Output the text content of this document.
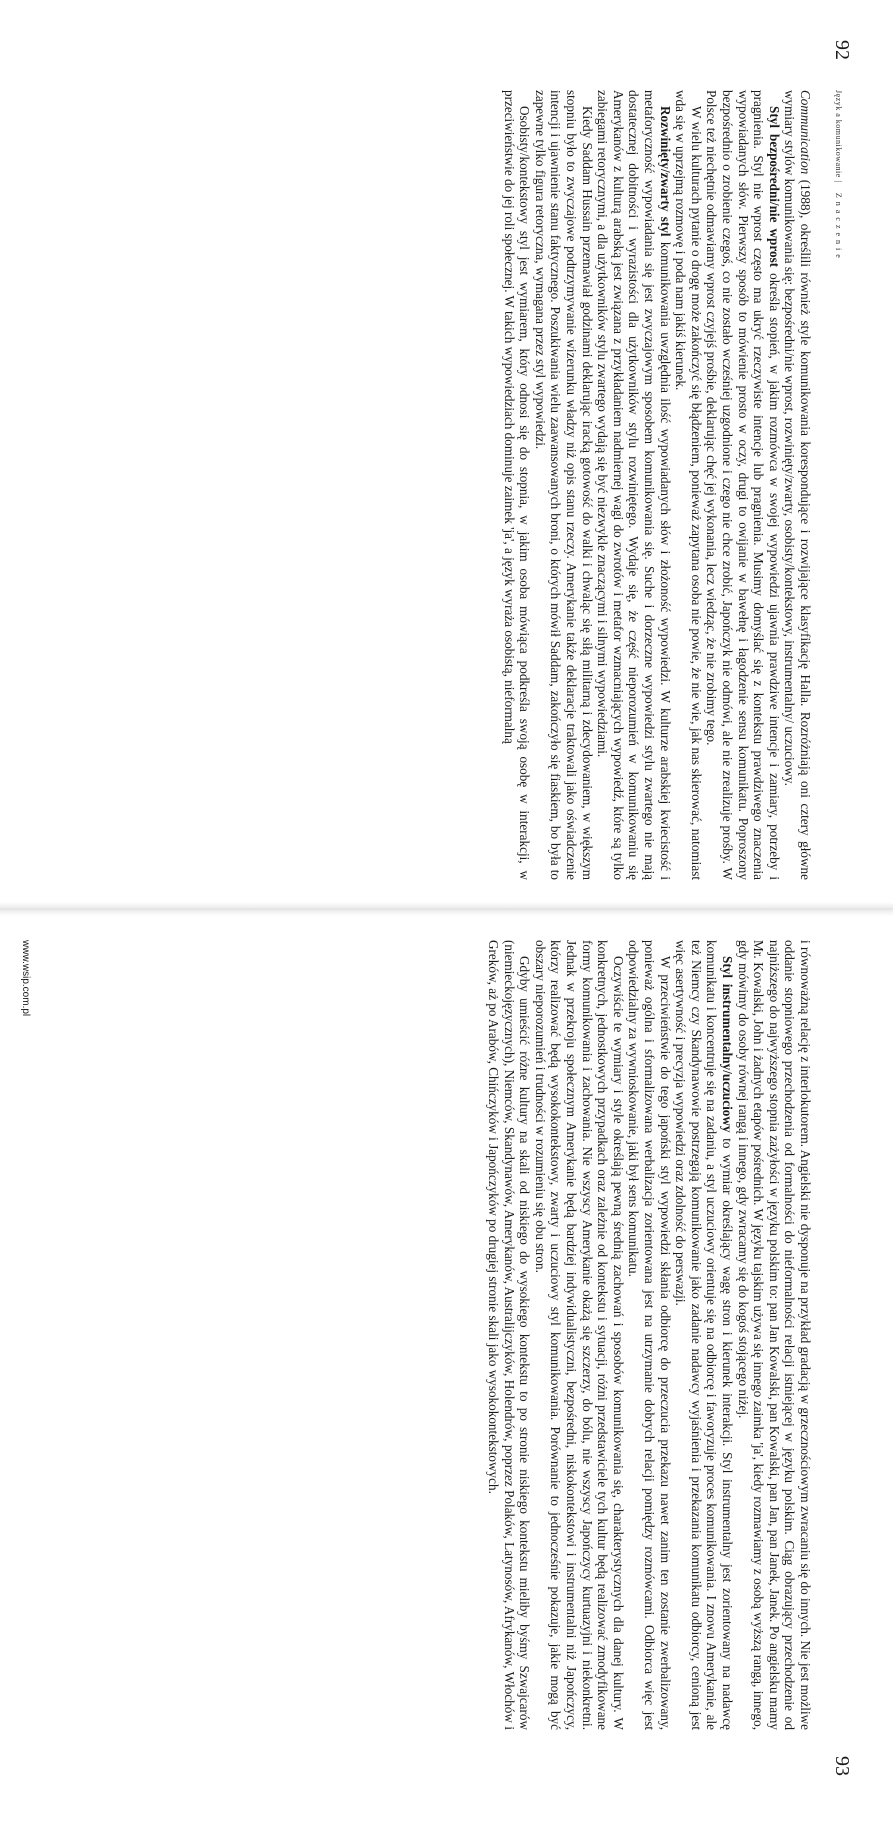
92
Język a komunikowanie | Znaczenie

Communication (1988), określili również style komunikowania korespondujące i rozwijające klasyfikację Halla. Rozróżniają oni cztery główne wymiary stylów komunikowania się: bezpośredni/nie wprost, rozwinięty/zwarty, osobisty/kontekstowy, instrumentalny/ uczuciowy.

Styl bezpośredni/nie wprost określa stopień, w jakim rozmówca w swojej wypowiedzi ujawnia prawdziwe intencje i zamiary, potrzeby i pragnienia. Styl nie wprost często ma ukryć rzeczywiste intencje lub pragnienia. Musimy domyślać się z kontekstu prawdziwego znaczenia wypowiadanych słów. Pierwszy sposób to mówienie prosto w oczy, drugi to owijanie w bawełnę i łagodzenie sensu komunikatu. Poproszony bezpośrednio o zrobienie czegoś, co nie zostało wcześniej uzgodnione i czego nie chce zrobić, Japończyk nie odmówi, ale nie zrealizuje prośby. W Polsce też niechętnie odmawiamy wprost czyjejś prośbie, deklarując chęć jej wykonania, lecz wiedząc, że nie zrobimy tego.

W wielu kulturach pytanie o drogę może zakończyć się błądzeniem, ponieważ zapytana osoba nie powie, że nie wie, jak nas skierować, natomiast wda się w uprzejmą rozmowę i poda nam jakiś kierunek.

Rozwinięty/zwarty styl komunikowania uwzględnia ilość wypowiadanych słów i złożoność wypowiedzi. W kulturze arabskiej kwiecistość i metaforyczność wypowiadania się jest zwyczajowym sposobem komunikowania się. Suche i dorzeczne wypowiedzi stylu zwartego nie mają dostatecznej dobitności i wyrazistości dla użytkowników stylu rozwiniętego. Wydaje się, że część nieporozumień w komunikowaniu się Amerykanów z kulturą arabską jest związana z przykładaniem nadmiernej wagi do zwrotów i metafor wzmacniających wypowiedź, które są tylko zabiegami retorycznymi, a dla użytkowników stylu zwartego wydają się być niezwykle znaczącymi i silnymi wypowiedziami.

Kiedy Saddam Hussain przemawiał godzinami deklarując iracką gotowość do walki i chwaląc się siłą militarną i zdecydowaniem, w większym stopniu było to zwyczajowe podtrzymywanie wizerunku władzy niż opis stanu rzeczy. Amerykanie także deklaracje traktowali jako oświadczenie intencji i ujawnienie stanu faktycznego. Poszukiwania wielu zaawansowanych broni, o których mówił Saddam, zakończyło się fiaskiem, bo była to zapewne tylko figura retoryczna, wymagana przez styl wypowiedzi.

Osobisty/kontekstowy styl jest wymiarem, który odnosi się do stopnia, w jakim osoba mówiąca podkreśla swoją osobę w interakcji, w przeciwieństwie do jej roli społecznej. W takich wypowiedziach dominuje zaimek 'ja', a język wyraża osobistą, nieformalną

93

i równoważną relację z interlokutorem. Angielski nie dysponuje na przykład gradacją w grzecznościowym zwracaniu się do innych. Nie jest możliwe oddanie stopniowego przechodzenia od formalności do nieformalności relacji istniejącej w języku polskim. Ciąg obrazujący przechodzenie od najniższego do najwyższego stopnia zażyłości w języku polskim to: pan Jan Kowalski, pan Kowalski, pan Jan, pan Janek, Janek. Po angielsku mamy Mr. Kowalski, John i żadnych etapów pośrednich. W języku tajskim używa się innego zaimka 'ja', kiedy rozmawiamy z osobą wyższą rangą, innego, gdy mówimy do osoby równej rangą i innego, gdy zwracamy się do kogoś stojącego niżej.

Styl instrumentalny/uczuciowy to wymiar określający wagę stron i kierunek interakcji. Styl instrumentalny jest zorientowany na nadawcę komunikatu i koncentruje się na zadaniu, a styl uczuciowy orientuje się na odbiorcę i faworyzuje proces komunikowania. I znowu Amerykanie, ale też Niemcy czy Skandynawowie postrzegają komunikowanie jako zadanie nadawcy wyjaśnienia i przekazania komunikatu odbiorcy, cenioną jest więc asertywność i precyzja wypowiedzi oraz zdolność do perswazji.

W przeciwieństwie do tego japoński styl wypowiedzi skłania odbiorcę do przeczucia przekazu nawet zanim ten zostanie zwerbalizowany, ponieważ ogólna i sformalizowana werbalizacja zorientowana jest na utrzymanie dobrych relacji pomiędzy rozmówcami. Odbiorca więc jest odpowiedzialny za wywnioskowanie, jaki był sens komunikatu.

Oczywiście te wymiary i style określają pewną średnią zachowań i sposobów komunikowania się, charakterystycznych dla danej kultury. W konkretnych, jednostkowych przypadkach oraz zależnie od kontekstu i sytuacji, różni przedstawiciele tych kultur będą realizować zmodyfikowane formy komunikowania i zachowania. Nie wszyscy Amerykanie okażą się szczerzy, do bólu, nie wszyscy Japończycy kurtuazyjni i niekonkretni. Jednak w przekroju społecznym Amerykanie będą bardziej indywidualistyczni, bezpośredni, niskokontekstowi i instrumentalni niż Japończycy, którzy realizować będą wysokokontekstowy, zwarty i uczuciowy styl komunikowania. Porównanie to jednocześnie pokazuje, jakie mogą być obszary nieporozumień i trudności w rozumieniu się obu stron.

Gdyby umieścić różne kultury na skali od niskiego do wysokiego kontekstu to po stronie niskiego kontekstu mieliby byśmy Szwajcarów (niemieckojęzycznych), Niemców, Skandynawów, Amerykanów, Australijczyków, Holendrów, poprzez Polaków, Latynosów, Afrykanów, Włochów i Greków, aż po Arabów, Chińczyków i Japończyków po drugiej stronie skali jako wysokokontekstowych.

www.wsip.com.pl
